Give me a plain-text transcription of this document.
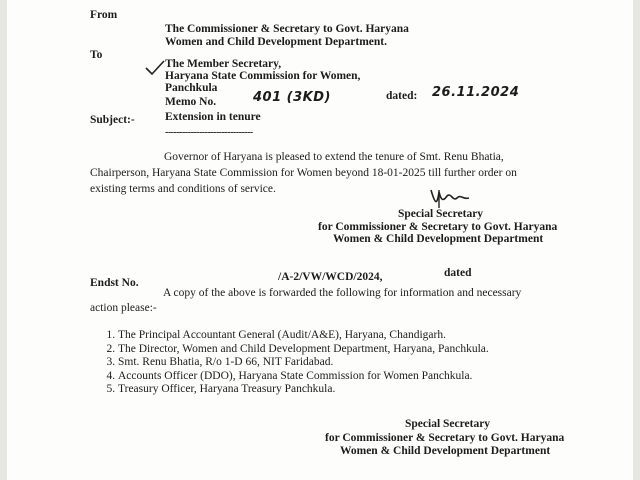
From
The Commissioner & Secretary to Govt. Haryana
Women and Child Development Department.
To
The Member Secretary,
Haryana State Commission for Women,
Panchkula
Memo No.	401 (3KD)	dated: 26.11.2024
Subject:-	Extension in tenure
-------------------------------
Governor of Haryana is pleased to extend the tenure of Smt. Renu Bhatia,
Chairperson, Haryana State Commission for Women beyond 18-01-2025 till further order on
existing terms and conditions of service.
Special Secretary
for Commissioner & Secretary to Govt. Haryana
Women & Child Development Department
Endst No.	/A-2/VW/WCD/2024,	dated
A copy of the above is forwarded the following for information and necessary
action please:-
1. The Principal Accountant General (Audit/A&E), Haryana, Chandigarh.
2. The Director, Women and Child Development Department, Haryana, Panchkula.
3. Smt. Renu Bhatia, R/o 1-D 66, NIT Faridabad.
4. Accounts Officer (DDO), Haryana State Commission for Women Panchkula.
5. Treasury Officer, Haryana Treasury Panchkula.
Special Secretary
for Commissioner & Secretary to Govt. Haryana
Women & Child Development Department
